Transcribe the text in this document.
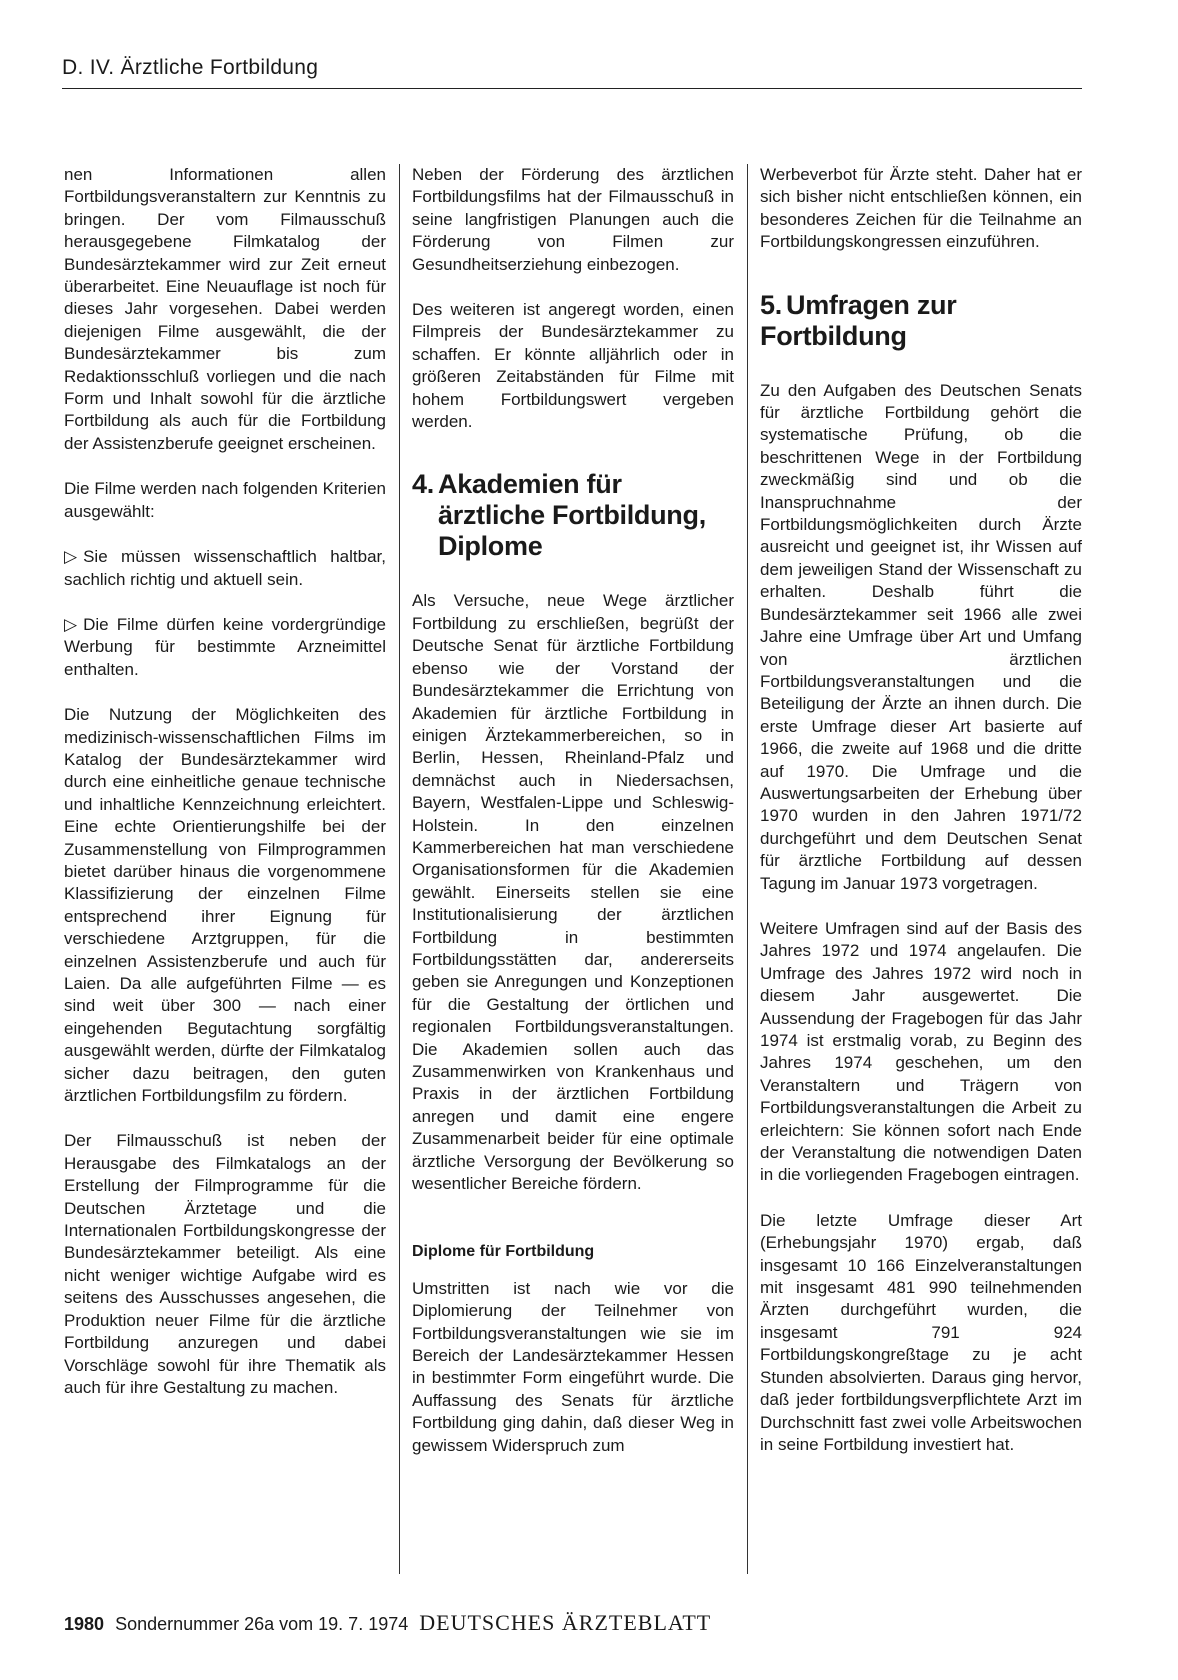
D. IV. Ärztliche Fortbildung

nen Informationen allen Fortbildungsveranstaltern zur Kenntnis zu bringen. Der vom Filmausschuß herausgegebene Filmkatalog der Bundesärztekammer wird zur Zeit erneut überarbeitet. Eine Neuauflage ist noch für dieses Jahr vorgesehen. Dabei werden diejenigen Filme ausgewählt, die der Bundesärztekammer bis zum Redaktionsschluß vorliegen und die nach Form und Inhalt sowohl für die ärztliche Fortbildung als auch für die Fortbildung der Assistenzberufe geeignet erscheinen.

Die Filme werden nach folgenden Kriterien ausgewählt:

▷ Sie müssen wissenschaftlich haltbar, sachlich richtig und aktuell sein.

▷ Die Filme dürfen keine vordergründige Werbung für bestimmte Arzneimittel enthalten.

Die Nutzung der Möglichkeiten des medizinisch-wissenschaftlichen Films im Katalog der Bundesärztekammer wird durch eine einheitliche genaue technische und inhaltliche Kennzeichnung erleichtert. Eine echte Orientierungshilfe bei der Zusammenstellung von Filmprogrammen bietet darüber hinaus die vorgenommene Klassifizierung der einzelnen Filme entsprechend ihrer Eignung für verschiedene Arztgruppen, für die einzelnen Assistenzberufe und auch für Laien. Da alle aufgeführten Filme — es sind weit über 300 — nach einer eingehenden Begutachtung sorgfältig ausgewählt werden, dürfte der Filmkatalog sicher dazu beitragen, den guten ärztlichen Fortbildungsfilm zu fördern.

Der Filmausschuß ist neben der Herausgabe des Filmkatalogs an der Erstellung der Filmprogramme für die Deutschen Ärztetage und die Internationalen Fortbildungskongresse der Bundesärztekammer beteiligt. Als eine nicht weniger wichtige Aufgabe wird es seitens des Ausschusses angesehen, die Produktion neuer Filme für die ärztliche Fortbildung anzuregen und dabei Vorschläge sowohl für ihre Thematik als auch für ihre Gestaltung zu machen.

Neben der Förderung des ärztlichen Fortbildungsfilms hat der Filmausschuß in seine langfristigen Planungen auch die Förderung von Filmen zur Gesundheitserziehung einbezogen.

Des weiteren ist angeregt worden, einen Filmpreis der Bundesärztekammer zu schaffen. Er könnte alljährlich oder in größeren Zeitabständen für Filme mit hohem Fortbildungswert vergeben werden.

4. Akademien für
ärztliche Fortbildung,
Diplome

Als Versuche, neue Wege ärztlicher Fortbildung zu erschließen, begrüßt der Deutsche Senat für ärztliche Fortbildung ebenso wie der Vorstand der Bundesärztekammer die Errichtung von Akademien für ärztliche Fortbildung in einigen Ärztekammerbereichen, so in Berlin, Hessen, Rheinland-Pfalz und demnächst auch in Niedersachsen, Bayern, Westfalen-Lippe und Schleswig-Holstein. In den einzelnen Kammerbereichen hat man verschiedene Organisationsformen für die Akademien gewählt. Einerseits stellen sie eine Institutionalisierung der ärztlichen Fortbildung in bestimmten Fortbildungsstätten dar, andererseits geben sie Anregungen und Konzeptionen für die Gestaltung der örtlichen und regionalen Fortbildungsveranstaltungen. Die Akademien sollen auch das Zusammenwirken von Krankenhaus und Praxis in der ärztlichen Fortbildung anregen und damit eine engere Zusammenarbeit beider für eine optimale ärztliche Versorgung der Bevölkerung so wesentlicher Bereiche fördern.

Diplome für Fortbildung

Umstritten ist nach wie vor die Diplomierung der Teilnehmer von Fortbildungsveranstaltungen wie sie im Bereich der Landesärztekammer Hessen in bestimmter Form eingeführt wurde. Die Auffassung des Senats für ärztliche Fortbildung ging dahin, daß dieser Weg in gewissem Widerspruch zum

Werbeverbot für Ärzte steht. Daher hat er sich bisher nicht entschließen können, ein besonderes Zeichen für die Teilnahme an Fortbildungskongressen einzuführen.

5. Umfragen zur
Fortbildung

Zu den Aufgaben des Deutschen Senats für ärztliche Fortbildung gehört die systematische Prüfung, ob die beschrittenen Wege in der Fortbildung zweckmäßig sind und ob die Inanspruchnahme der Fortbildungsmöglichkeiten durch Ärzte ausreicht und geeignet ist, ihr Wissen auf dem jeweiligen Stand der Wissenschaft zu erhalten. Deshalb führt die Bundesärztekammer seit 1966 alle zwei Jahre eine Umfrage über Art und Umfang von ärztlichen Fortbildungsveranstaltungen und die Beteiligung der Ärzte an ihnen durch. Die erste Umfrage dieser Art basierte auf 1966, die zweite auf 1968 und die dritte auf 1970. Die Umfrage und die Auswertungsarbeiten der Erhebung über 1970 wurden in den Jahren 1971/72 durchgeführt und dem Deutschen Senat für ärztliche Fortbildung auf dessen Tagung im Januar 1973 vorgetragen.

Weitere Umfragen sind auf der Basis des Jahres 1972 und 1974 angelaufen. Die Umfrage des Jahres 1972 wird noch in diesem Jahr ausgewertet. Die Aussendung der Fragebogen für das Jahr 1974 ist erstmalig vorab, zu Beginn des Jahres 1974 geschehen, um den Veranstaltern und Trägern von Fortbildungsveranstaltungen die Arbeit zu erleichtern: Sie können sofort nach Ende der Veranstaltung die notwendigen Daten in die vorliegenden Fragebogen eintragen.

Die letzte Umfrage dieser Art (Erhebungsjahr 1970) ergab, daß insgesamt 10 166 Einzelveranstaltungen mit insgesamt 481 990 teilnehmenden Ärzten durchgeführt wurden, die insgesamt 791 924 Fortbildungskongreßtage zu je acht Stunden absolvierten. Daraus ging hervor, daß jeder fortbildungsverpflichtete Arzt im Durchschnitt fast zwei volle Arbeitswochen in seine Fortbildung investiert hat.

1980 Sondernummer 26a vom 19. 7. 1974 DEUTSCHES ÄRZTEBLATT
